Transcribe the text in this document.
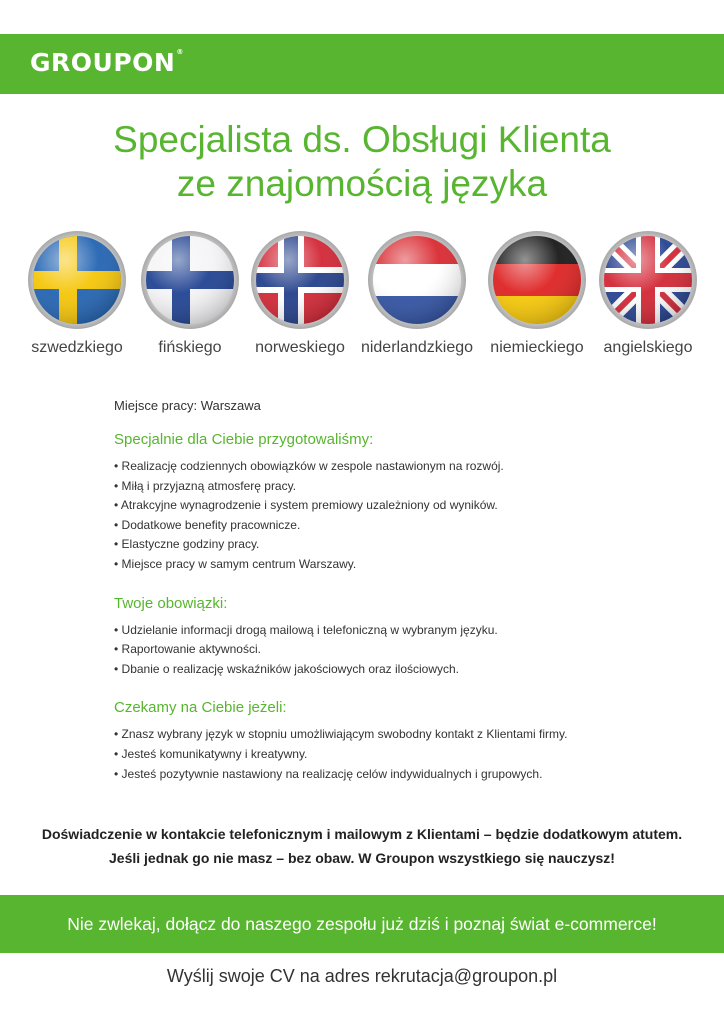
GROUPON®
Specjalista ds. Obsługi Klienta
ze znajomością języka
szwedzkiego	fińskiego	norweskiego	niderlandzkiego	niemieckiego	angielskiego
Miejsce pracy: Warszawa
Specjalnie dla Ciebie przygotowaliśmy:
• Realizację codziennych obowiązków w zespole nastawionym na rozwój.
• Miłą i przyjazną atmosferę pracy.
• Atrakcyjne wynagrodzenie i system premiowy uzależniony od wyników.
• Dodatkowe benefity pracownicze.
• Elastyczne godziny pracy.
• Miejsce pracy w samym centrum Warszawy.
Twoje obowiązki:
• Udzielanie informacji drogą mailową i telefoniczną w wybranym języku.
• Raportowanie aktywności.
• Dbanie o realizację wskaźników jakościowych oraz ilościowych.
Czekamy na Ciebie jeżeli:
• Znasz wybrany język w stopniu umożliwiającym swobodny kontakt z Klientami firmy.
• Jesteś komunikatywny i kreatywny.
• Jesteś pozytywnie nastawiony na realizację celów indywidualnych i grupowych.
Doświadczenie w kontakcie telefonicznym i mailowym z Klientami – będzie dodatkowym atutem.
Jeśli jednak go nie masz – bez obaw. W Groupon wszystkiego się nauczysz!
Nie zwlekaj, dołącz do naszego zespołu już dziś i poznaj świat e-commerce!
Wyślij swoje CV na adres rekrutacja@groupon.pl
